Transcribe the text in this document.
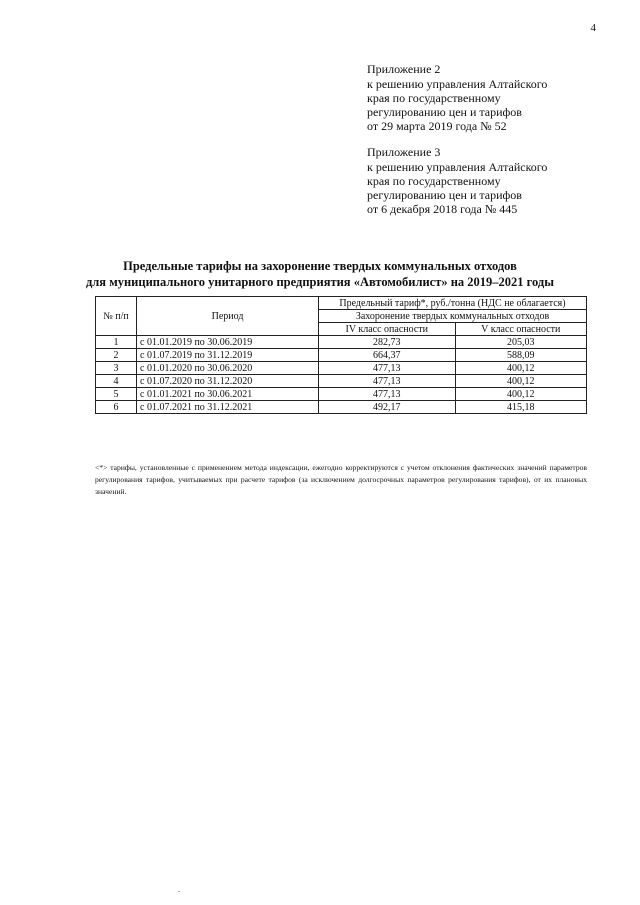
4
Приложение 2
к решению управления Алтайского
края по государственному
регулированию цен и тарифов
от 29 марта 2019 года № 52
Приложение 3
к решению управления Алтайского
края по государственному
регулированию цен и тарифов
от 6 декабря 2018 года № 445
Предельные тарифы на захоронение твердых коммунальных отходов
для муниципального унитарного предприятия «Автомобилист» на 2019–2021 годы
№ п/п	Период	Предельный тариф*, руб./тонна (НДС не облагается)	
		Захоронение твердых коммунальных отходов	
		IV класс опасности	V класс опасности
1	с 01.01.2019 по 30.06.2019	282,73	205,03
2	с 01.07.2019 по 31.12.2019	664,37	588,09
3	с 01.01.2020 по 30.06.2020	477,13	400,12
4	с 01.07.2020 по 31.12.2020	477,13	400,12
5	с 01.01.2021 по 30.06.2021	477,13	400,12
6	с 01.07.2021 по 31.12.2021	492,17	415,18
<*> тарифы, установленные с применением метода индексации, ежегодно корректируются с учетом отклонения фактических значений параметров регулирования тарифов, учитываемых при расчете тарифов (за исключением долгосрочных параметров регулирования тарифов), от их плановых значений.
.
